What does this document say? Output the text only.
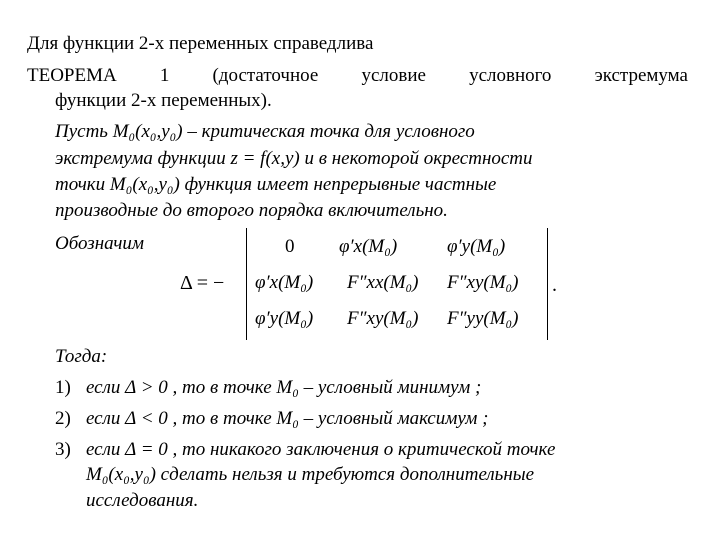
Для функции 2-х переменных справедлива
ТЕОРЕМА 1 (достаточное условие условного экстремума
функции 2-х переменных).
Пусть M₀(x₀,y₀) – критическая точка для условного
экстремума функции z = f(x,y) и в некоторой окрестности
точки M₀(x₀,y₀) функция имеет непрерывные частные
производные до второго порядка включительно.
Обозначим
Δ = −
0 φ′x(M₀)	φ′y(M₀)
φ′x(M₀) F″xx(M₀) F″xy(M₀)
φ′y(M₀) F″xy(M₀) F″yy(M₀)
.
Тогда:
1) если Δ > 0 , то в точке M₀ – условный минимум ;
2) если Δ < 0 , то в точке M₀ – условный максимум ;
3) если Δ = 0 , то никакого заключения о критической точке
M₀(x₀,y₀) сделать нельзя и требуются дополнительные
исследования.
